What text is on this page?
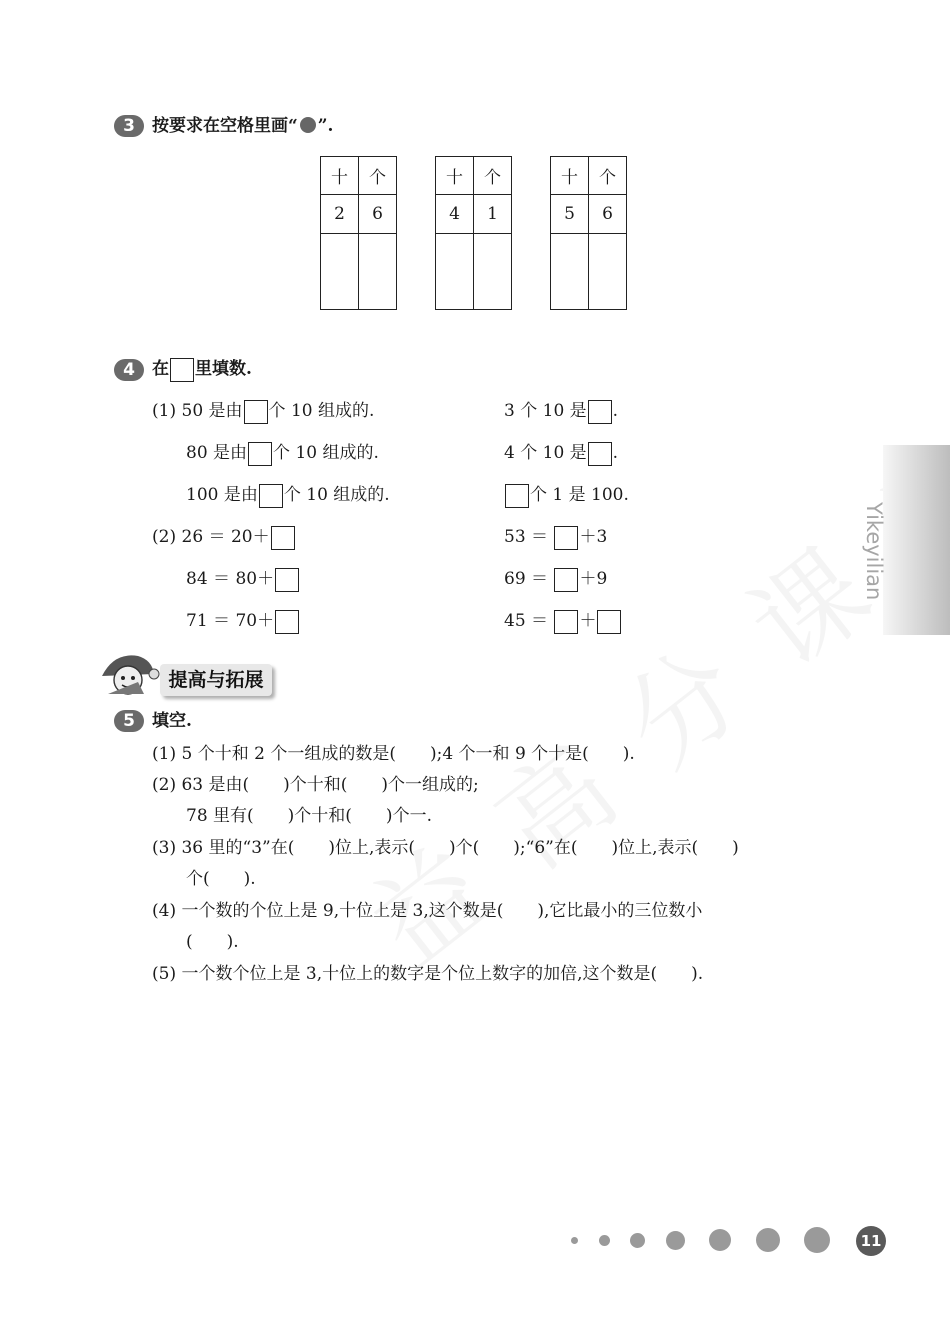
3	按要求在空格里画“ ”.
十	个
2	6

十	个
4	1

十	个
5	6

4	在 里填数.
(1) 50 是由 个 10 组成的.	3 个 10 是 .
80 是由 个 10 组成的.	4 个 10 是 .
100 是由 个 10 组成的.	个 1 是 100.
(2) 26 ＝ 20＋	53 ＝ ＋3
84 ＝ 80＋	69 ＝ ＋9
71 ＝ 70＋	45 ＝ ＋
Yikeyilian
提高与拓展
5	填空.
(1) 5 个十和 2 个一组成的数是(　　);4 个一和 9 个十是(　　).
(2) 63 是由(　　)个十和(　　)个一组成的;
78 里有(　　)个十和(　　)个一.
(3) 36 里的“3”在(　　)位上,表示(　　)个(　　);“6”在(　　)位上,表示(　　)
个(　　).
(4) 一个数的个位上是 9,十位上是 3,这个数是(　　),它比最小的三位数小
(　　).
(5) 一个数个位上是 3,十位上的数字是个位上数字的加倍,这个数是(　　).
11
